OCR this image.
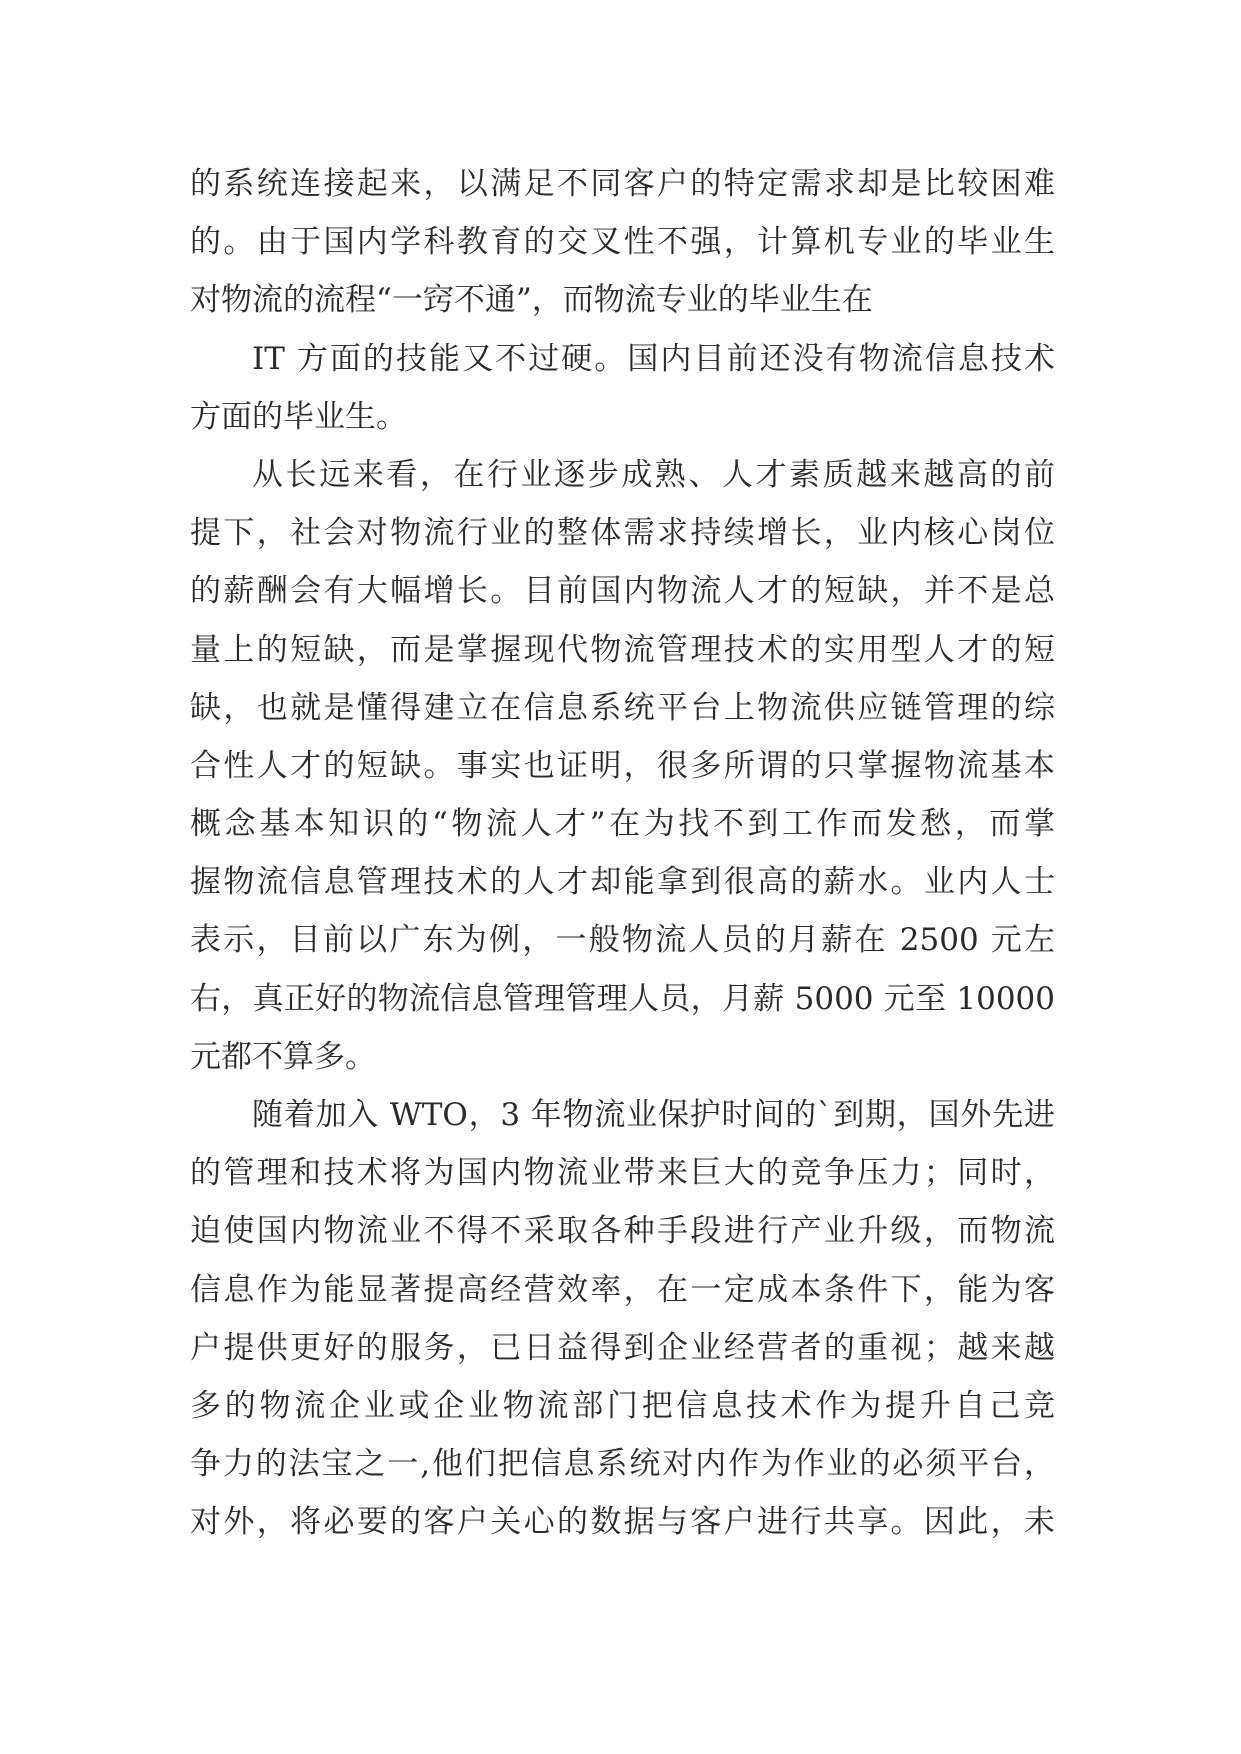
的系统连接起来，以满足不同客户的特定需求却是比较困难
的。由于国内学科教育的交叉性不强，计算机专业的毕业生
对物流的流程“一窍不通”，而物流专业的毕业生在
IT 方面的技能又不过硬。国内目前还没有物流信息技术
方面的毕业生。
从长远来看，在行业逐步成熟、人才素质越来越高的前
提下，社会对物流行业的整体需求持续增长，业内核心岗位
的薪酬会有大幅增长。目前国内物流人才的短缺，并不是总
量上的短缺，而是掌握现代物流管理技术的实用型人才的短
缺，也就是懂得建立在信息系统平台上物流供应链管理的综
合性人才的短缺。事实也证明，很多所谓的只掌握物流基本
概念基本知识的“物流人才”在为找不到工作而发愁，而掌
握物流信息管理技术的人才却能拿到很高的薪水。业内人士
表示，目前以广东为例，一般物流人员的月薪在 2500 元左
右，真正好的物流信息管理管理人员，月薪 5000 元至 10000
元都不算多。
随着加入 WTO，3 年物流业保护时间的`到期，国外先进
的管理和技术将为国内物流业带来巨大的竞争压力；同时，
迫使国内物流业不得不采取各种手段进行产业升级，而物流
信息作为能显著提高经营效率，在一定成本条件下，能为客
户提供更好的服务，已日益得到企业经营者的重视；越来越
多的物流企业或企业物流部门把信息技术作为提升自己竞
争力的法宝之一,他们把信息系统对内作为作业的必须平台，
对外，将必要的客户关心的数据与客户进行共享。因此，未
